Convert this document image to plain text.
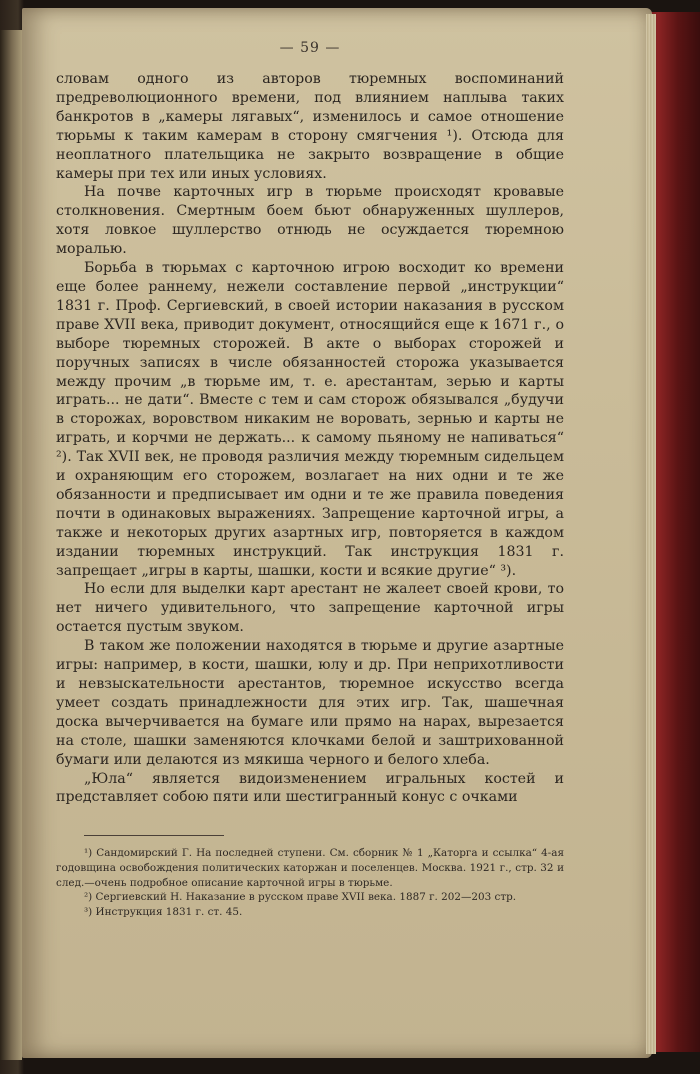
— 59 —

словам одного из авторов тюремных воспоминаний предреволюционного времени, под влиянием наплыва таких банкротов в „камеры лягавых“, изменилось и самое отношение тюрьмы к таким камерам в сторону смягчения ¹). Отсюда для неоплатного плательщика не закрыто возвращение в общие камеры при тех или иных условиях.

На почве карточных игр в тюрьме происходят кровавые столкновения. Смертным боем бьют обнаруженных шуллеров, хотя ловкое шуллерство отнюдь не осуждается тюремною моралью.

Борьба в тюрьмах с карточною игрою восходит ко времени еще более раннему, нежели составление первой „инструкции“ 1831 г. Проф. Сергиевский, в своей истории наказания в русском праве XVII века, приводит документ, относящийся еще к 1671 г., о выборе тюремных сторожей. В акте о выборах сторожей и поручных записях в числе обязанностей сторожа указывается между прочим „в тюрьме им, т. е. арестантам, зерью и карты играть... не дати“. Вместе с тем и сам сторож обязывался „будучи в сторожах, воровством никаким не воровать, зернью и карты не играть, и корчми не держать... к самому пьяному не напиваться“ ²). Так XVII век, не проводя различия между тюремным сидельцем и охраняющим его сторожем, возлагает на них одни и те же обязанности и предписывает им одни и те же правила поведения почти в одинаковых выражениях. Запрещение карточной игры, а также и некоторых других азартных игр, повторяется в каждом издании тюремных инструкций. Так инструкция 1831 г. запрещает „игры в карты, шашки, кости и всякие другие“ ³).

Но если для выделки карт арестант не жалеет своей крови, то нет ничего удивительного, что запрещение карточной игры остается пустым звуком.

В таком же положении находятся в тюрьме и другие азартные игры: например, в кости, шашки, юлу и др. При неприхотливости и невзыскательности арестантов, тюремное искусство всегда умеет создать принадлежности для этих игр. Так, шашечная доска вычерчивается на бумаге или прямо на нарах, вырезается на столе, шашки заменяются клочками белой и заштрихованной бумаги или делаются из мякиша черного и белого хлеба.

„Юла“ является видоизменением игральных костей и представляет собою пяти или шестигранный конус с очками

¹) Сандомирский Г. На последней ступени. См. сборник № 1 „Каторга и ссылка“ 4-ая годовщина освобождения политических каторжан и поселенцев. Москва. 1921 г., стр. 32 и след.—очень подробное описание карточной игры в тюрьме.

²) Сергиевский Н. Наказание в русском праве XVII века. 1887 г. 202—203 стр.

³) Инструкция 1831 г. ст. 45.
